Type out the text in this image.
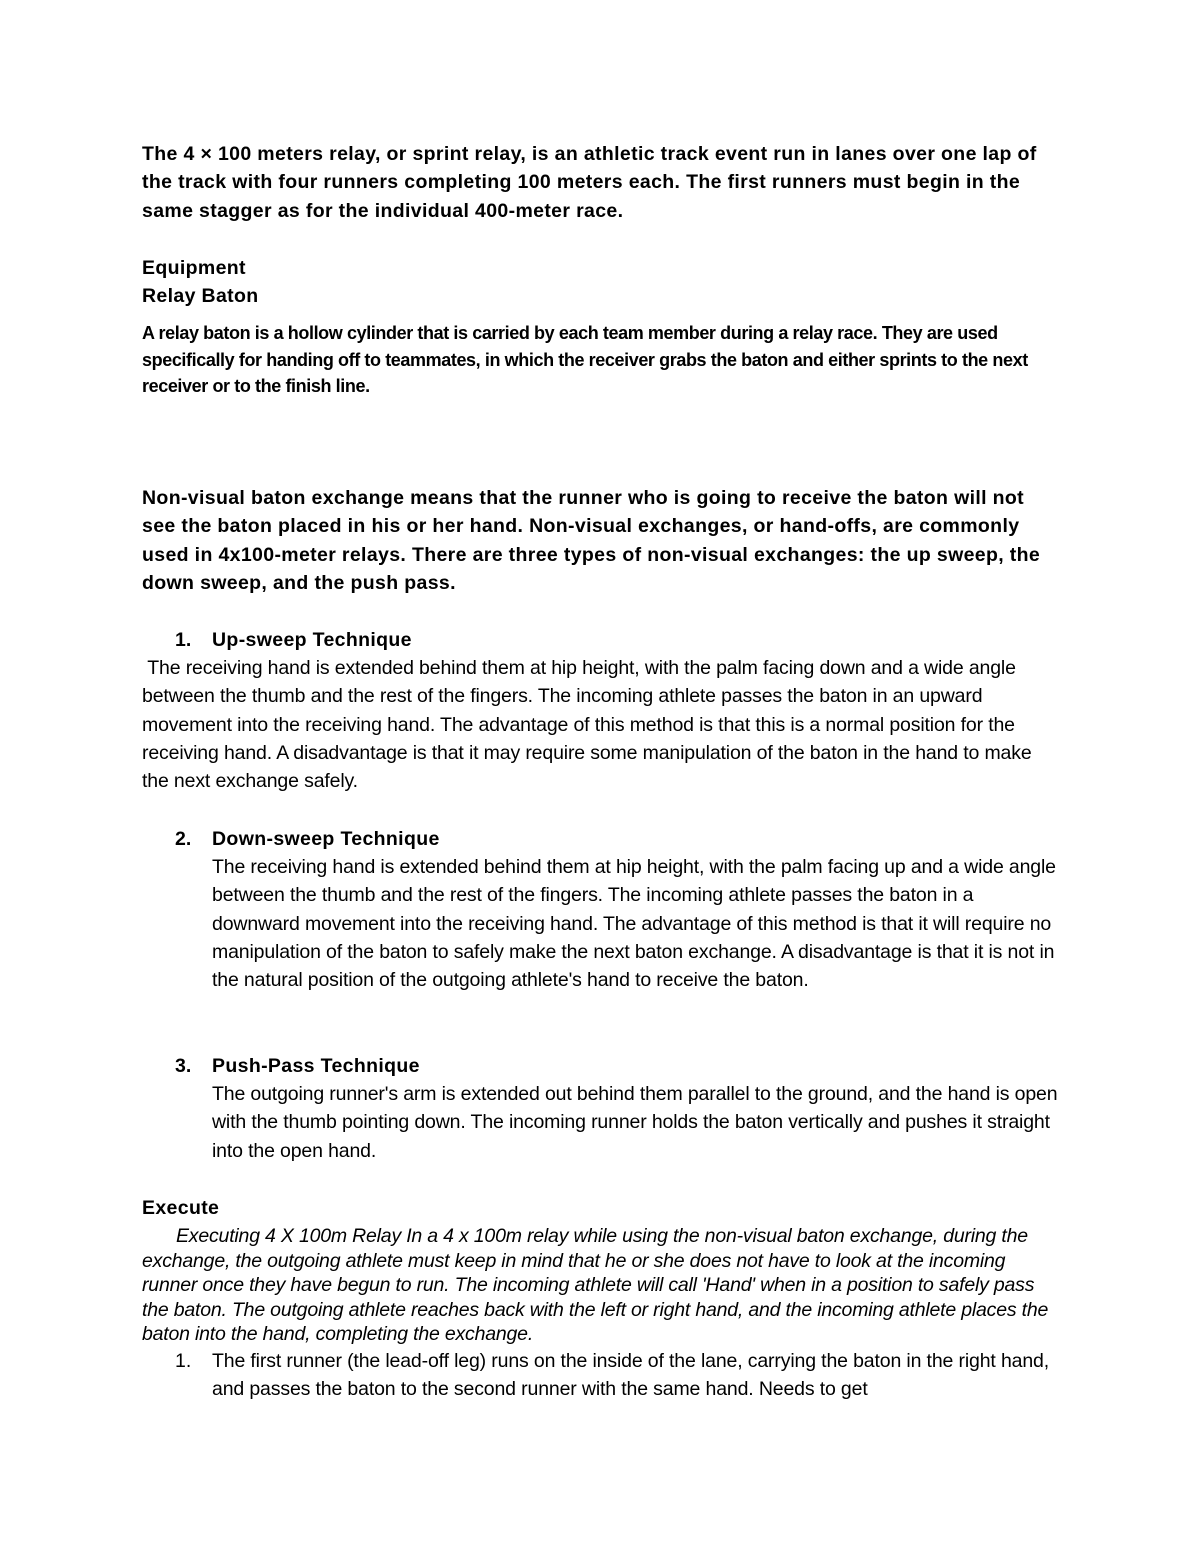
The 4 × 100 meters relay, or sprint relay, is an athletic track event run in lanes over one lap of the track with four runners completing 100 meters each. The first runners must begin in the same stagger as for the individual 400-meter race.

Equipment
Relay Baton

A relay baton is a hollow cylinder that is carried by each team member during a relay race. They are used specifically for handing off to teammates, in which the receiver grabs the baton and either sprints to the next receiver or to the finish line.

Non-visual baton exchange means that the runner who is going to receive the baton will not see the baton placed in his or her hand. Non-visual exchanges, or hand-offs, are commonly used in 4x100-meter relays. There are three types of non-visual exchanges: the up sweep, the down sweep, and the push pass.

1. Up-sweep Technique

The receiving hand is extended behind them at hip height, with the palm facing down and a wide angle between the thumb and the rest of the fingers. The incoming athlete passes the baton in an upward movement into the receiving hand. The advantage of this method is that this is a normal position for the receiving hand. A disadvantage is that it may require some manipulation of the baton in the hand to make the next exchange safely.

2. Down-sweep Technique

The receiving hand is extended behind them at hip height, with the palm facing up and a wide angle between the thumb and the rest of the fingers. The incoming athlete passes the baton in a downward movement into the receiving hand. The advantage of this method is that it will require no manipulation of the baton to safely make the next baton exchange. A disadvantage is that it is not in the natural position of the outgoing athlete's hand to receive the baton.

3. Push-Pass Technique

The outgoing runner's arm is extended out behind them parallel to the ground, and the hand is open with the thumb pointing down. The incoming runner holds the baton vertically and pushes it straight into the open hand.

Execute

Executing 4 X 100m Relay In a 4 x 100m relay while using the non-visual baton exchange, during the exchange, the outgoing athlete must keep in mind that he or she does not have to look at the incoming runner once they have begun to run. The incoming athlete will call 'Hand' when in a position to safely pass the baton. The outgoing athlete reaches back with the left or right hand, and the incoming athlete places the baton into the hand, completing the exchange.

1. The first runner (the lead-off leg) runs on the inside of the lane, carrying the baton in the right hand, and passes the baton to the second runner with the same hand. Needs to get
